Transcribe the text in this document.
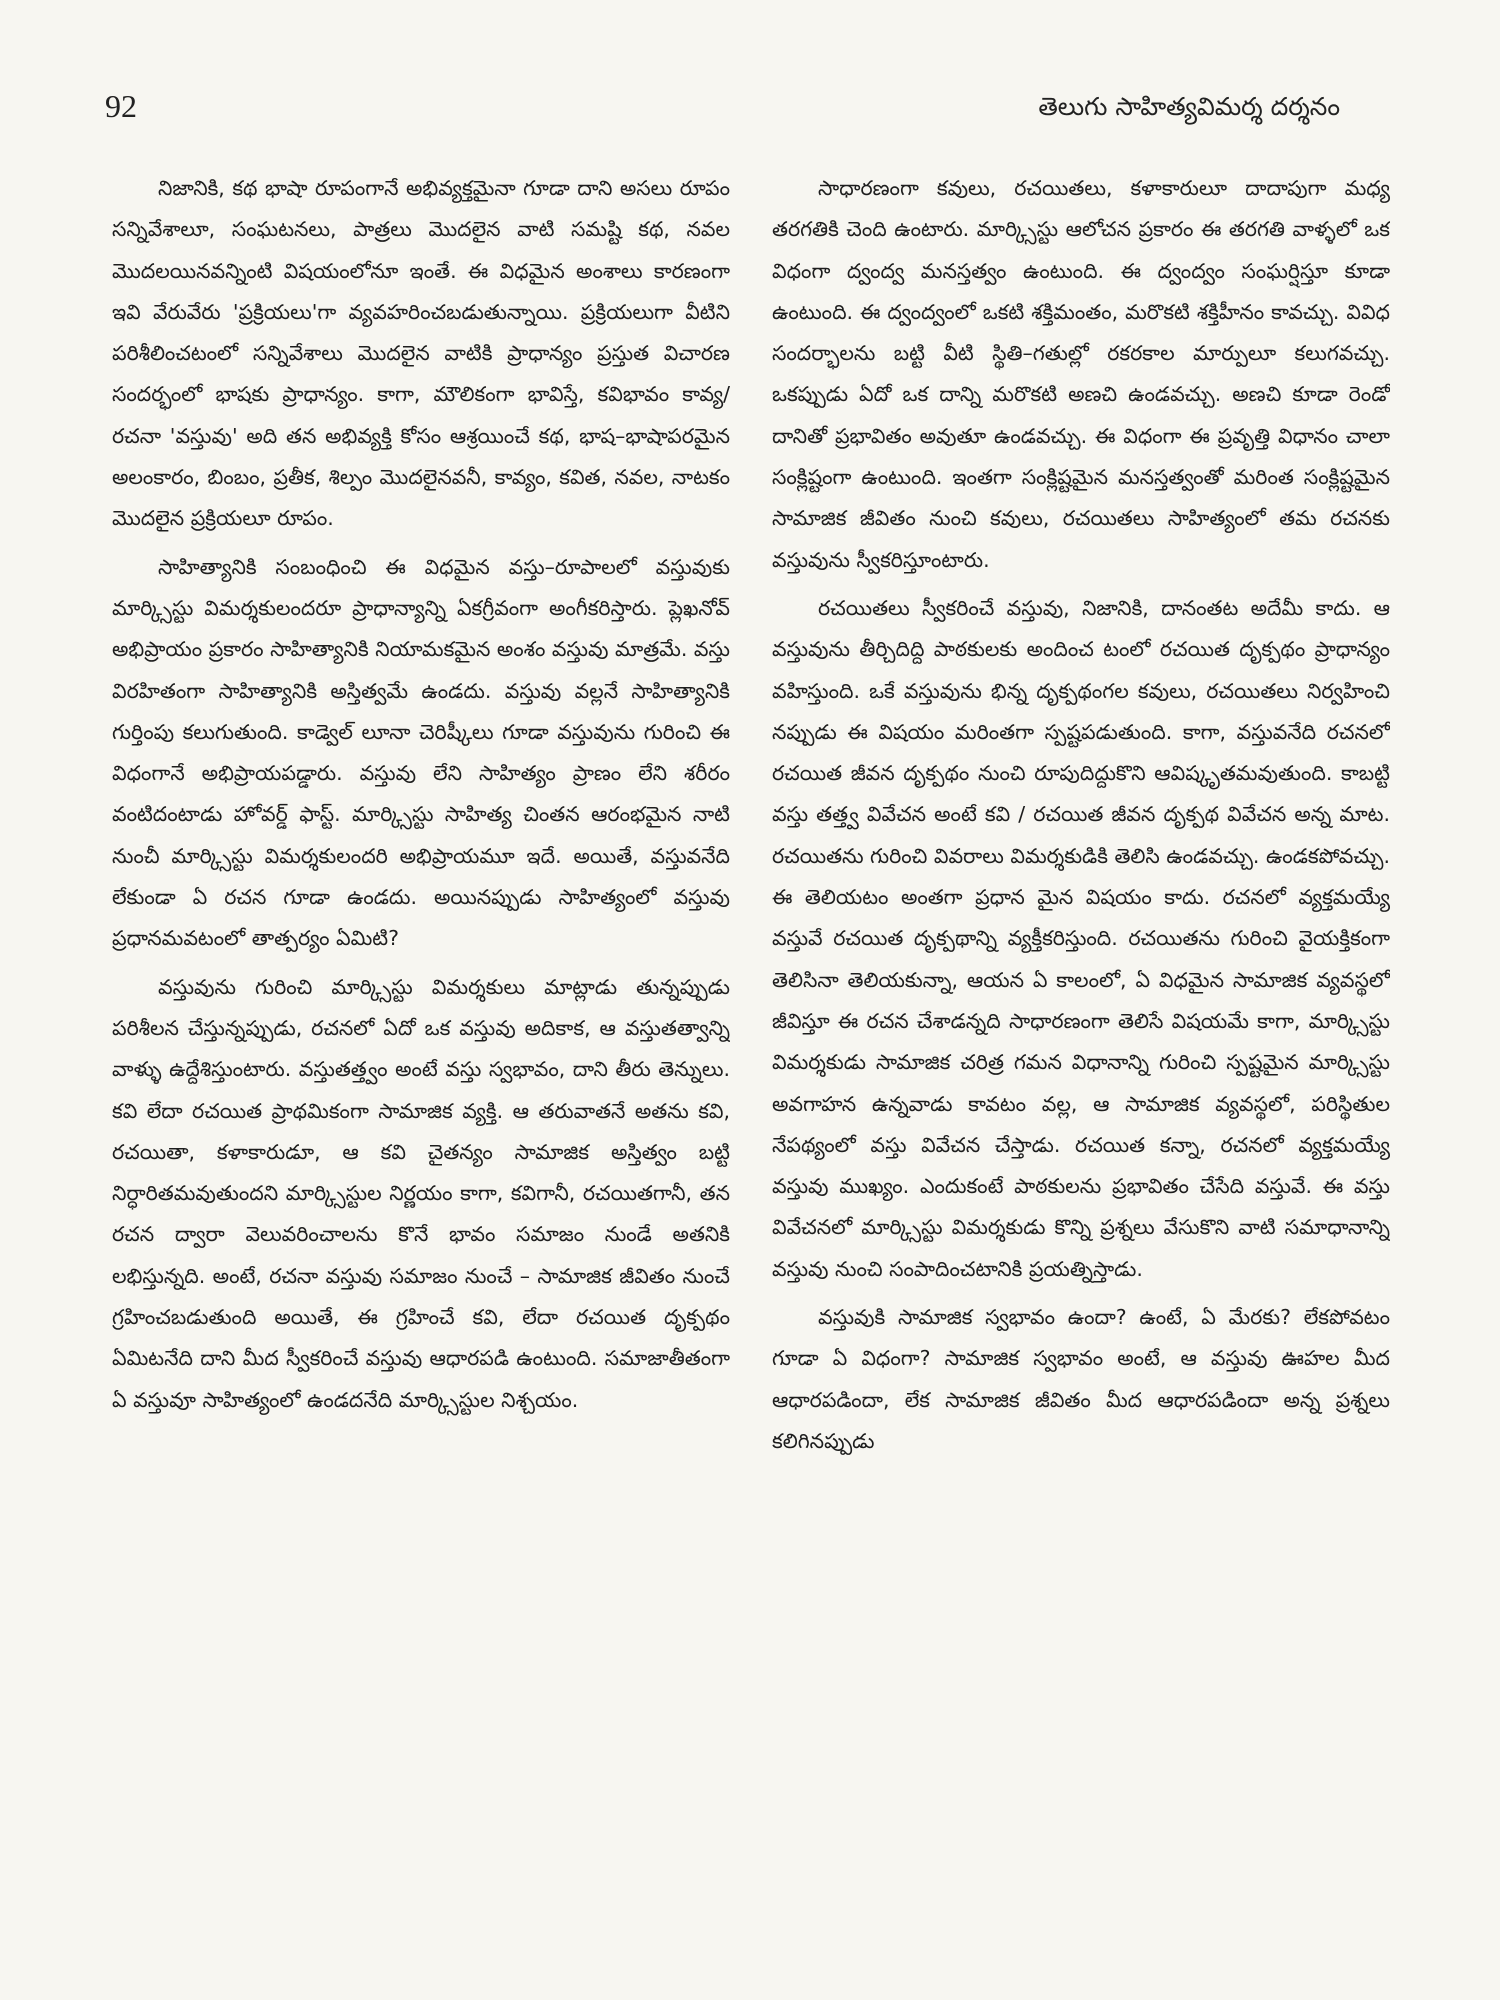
92	తెలుగు సాహిత్యవిమర్శ దర్శనం

నిజానికి, కథ భాషా రూపంగానే అభివ్యక్తమైనా గూడా దాని అసలు రూపం సన్నివేశాలూ, సంఘటనలు, పాత్రలు మొదలైన వాటి సమష్టి కథ, నవల మొదలయినవన్నింటి విషయంలోనూ ఇంతే. ఈ విధమైన అంశాలు కారణంగా ఇవి వేరువేరు 'ప్రక్రియలు'గా వ్యవహరించబడుతున్నాయి. ప్రక్రియలుగా వీటిని పరిశీలించటంలో సన్నివేశాలు మొదలైన వాటికి ప్రాధాన్యం ప్రస్తుత విచారణ సందర్భంలో భాషకు ప్రాధాన్యం. కాగా, మౌలికంగా భావిస్తే, కవిభావం కావ్య/ రచనా 'వస్తువు' అది తన అభివ్యక్తి కోసం ఆశ్రయించే కథ, భాష–భాషాపరమైన అలంకారం, బింబం, ప్రతీక, శిల్పం మొదలైనవనీ, కావ్యం, కవిత, నవల, నాటకం మొదలైన ప్రక్రియలూ రూపం.

సాహిత్యానికి సంబంధించి ఈ విధమైన వస్తు–రూపాలలో వస్తువుకు మార్క్సిస్టు విమర్శకులందరూ ప్రాధాన్యాన్ని ఏకగ్రీవంగా అంగీకరిస్తారు. ప్లెఖనోవ్ అభిప్రాయం ప్రకారం సాహిత్యానికి నియామకమైన అంశం వస్తువు మాత్రమే. వస్తు విరహితంగా సాహిత్యానికి అస్తిత్వమే ఉండదు. వస్తువు వల్లనే సాహిత్యానికి గుర్తింపు కలుగుతుంది. కాడ్వెల్ లూనా చెరిష్కీలు గూడా వస్తువును గురించి ఈ విధంగానే అభిప్రాయపడ్డారు. వస్తువు లేని సాహిత్యం ప్రాణం లేని శరీరం వంటిదంటాడు హోవర్డ్ ఫాస్ట్. మార్క్సిస్టు సాహిత్య చింతన ఆరంభమైన నాటి నుంచీ మార్క్సిస్టు విమర్శకులందరి అభిప్రాయమూ ఇదే. అయితే, వస్తువనేది లేకుండా ఏ రచన గూడా ఉండదు. అయినప్పుడు సాహిత్యంలో వస్తువు ప్రధానమవటంలో తాత్పర్యం ఏమిటి?

వస్తువును గురించి మార్క్సిస్టు విమర్శకులు మాట్లాడు తున్నప్పుడు పరిశీలన చేస్తున్నప్పుడు, రచనలో ఏదో ఒక వస్తువు అదికాక, ఆ వస్తుతత్వాన్ని వాళ్ళు ఉద్దేశిస్తుంటారు. వస్తుతత్త్వం అంటే వస్తు స్వభావం, దాని తీరు తెన్నులు. కవి లేదా రచయిత ప్రాథమికంగా సామాజిక వ్యక్తి. ఆ తరువాతనే అతను కవి, రచయితా, కళాకారుడూ, ఆ కవి చైతన్యం సామాజిక అస్తిత్వం బట్టి నిర్ధారితమవుతుందని మార్క్సిస్టుల నిర్ణయం కాగా, కవిగానీ, రచయితగానీ, తన రచన ద్వారా వెలువరించాలను కొనే భావం సమాజం నుండే అతనికి లభిస్తున్నది. అంటే, రచనా వస్తువు సమాజం నుంచే – సామాజిక జీవితం నుంచే గ్రహించబడుతుంది అయితే, ఈ గ్రహించే కవి, లేదా రచయిత దృక్పథం ఏమిటనేది దాని మీద స్వీకరించే వస్తువు ఆధారపడి ఉంటుంది. సమాజాతీతంగా ఏ వస్తువూ సాహిత్యంలో ఉండదనేది మార్క్సిస్టుల నిశ్చయం.

సాధారణంగా కవులు, రచయితలు, కళాకారులూ దాదాపుగా మధ్య తరగతికి చెంది ఉంటారు. మార్క్సిస్టు ఆలోచన ప్రకారం ఈ తరగతి వాళ్ళలో ఒక విధంగా ద్వంద్వ మనస్తత్వం ఉంటుంది. ఈ ద్వంద్వం సంఘర్షిస్తూ కూడా ఉంటుంది. ఈ ద్వంద్వంలో ఒకటి శక్తిమంతం, మరొకటి శక్తిహీనం కావచ్చు. వివిధ సందర్భాలను బట్టి వీటి స్థితి–గతుల్లో రకరకాల మార్పులూ కలుగవచ్చు. ఒకప్పుడు ఏదో ఒక దాన్ని మరొకటి అణచి ఉండవచ్చు. అణచి కూడా రెండో దానితో ప్రభావితం అవుతూ ఉండవచ్చు. ఈ విధంగా ఈ ప్రవృత్తి విధానం చాలా సంక్లిష్టంగా ఉంటుంది. ఇంతగా సంక్లిష్టమైన మనస్తత్వంతో మరింత సంక్లిష్టమైన సామాజిక జీవితం నుంచి కవులు, రచయితలు సాహిత్యంలో తమ రచనకు వస్తువును స్వీకరిస్తూంటారు.

రచయితలు స్వీకరించే వస్తువు, నిజానికి, దానంతట అదేమీ కాదు. ఆ వస్తువును తీర్చిదిద్ది పాఠకులకు అందించ టంలో రచయిత దృక్పథం ప్రాధాన్యం వహిస్తుంది. ఒకే వస్తువును భిన్న దృక్పథంగల కవులు, రచయితలు నిర్వహించి నప్పుడు ఈ విషయం మరింతగా స్పష్టపడుతుంది. కాగా, వస్తువనేది రచనలో రచయిత జీవన దృక్పథం నుంచి రూపుదిద్దుకొని ఆవిష్కృతమవుతుంది. కాబట్టి వస్తు తత్త్వ వివేచన అంటే కవి / రచయిత జీవన దృక్పథ వివేచన అన్న మాట. రచయితను గురించి వివరాలు విమర్శకుడికి తెలిసి ఉండవచ్చు. ఉండకపోవచ్చు. ఈ తెలియటం అంతగా ప్రధాన మైన విషయం కాదు. రచనలో వ్యక్తమయ్యే వస్తువే రచయిత దృక్పథాన్ని వ్యక్తీకరిస్తుంది. రచయితను గురించి వైయక్తికంగా తెలిసినా తెలియకున్నా, ఆయన ఏ కాలంలో, ఏ విధమైన సామాజిక వ్యవస్థలో జీవిస్తూ ఈ రచన చేశాడన్నది సాధారణంగా తెలిసే విషయమే కాగా, మార్క్సిస్టు విమర్శకుడు సామాజిక చరిత్ర గమన విధానాన్ని గురించి స్పష్టమైన మార్క్సిస్టు అవగాహన ఉన్నవాడు కావటం వల్ల, ఆ సామాజిక వ్యవస్థలో, పరిస్థితుల నేపథ్యంలో వస్తు వివేచన చేస్తాడు. రచయిత కన్నా, రచనలో వ్యక్తమయ్యే వస్తువు ముఖ్యం. ఎందుకంటే పాఠకులను ప్రభావితం చేసేది వస్తువే. ఈ వస్తు వివేచనలో మార్క్సిస్టు విమర్శకుడు కొన్ని ప్రశ్నలు వేసుకొని వాటి సమాధానాన్ని వస్తువు నుంచి సంపాదించటానికి ప్రయత్నిస్తాడు.

వస్తువుకి సామాజిక స్వభావం ఉందా? ఉంటే, ఏ మేరకు? లేకపోవటం గూడా ఏ విధంగా? సామాజిక స్వభావం అంటే, ఆ వస్తువు ఊహల మీద ఆధారపడిందా, లేక సామాజిక జీవితం మీద ఆధారపడిందా అన్న ప్రశ్నలు కలిగినప్పుడు
